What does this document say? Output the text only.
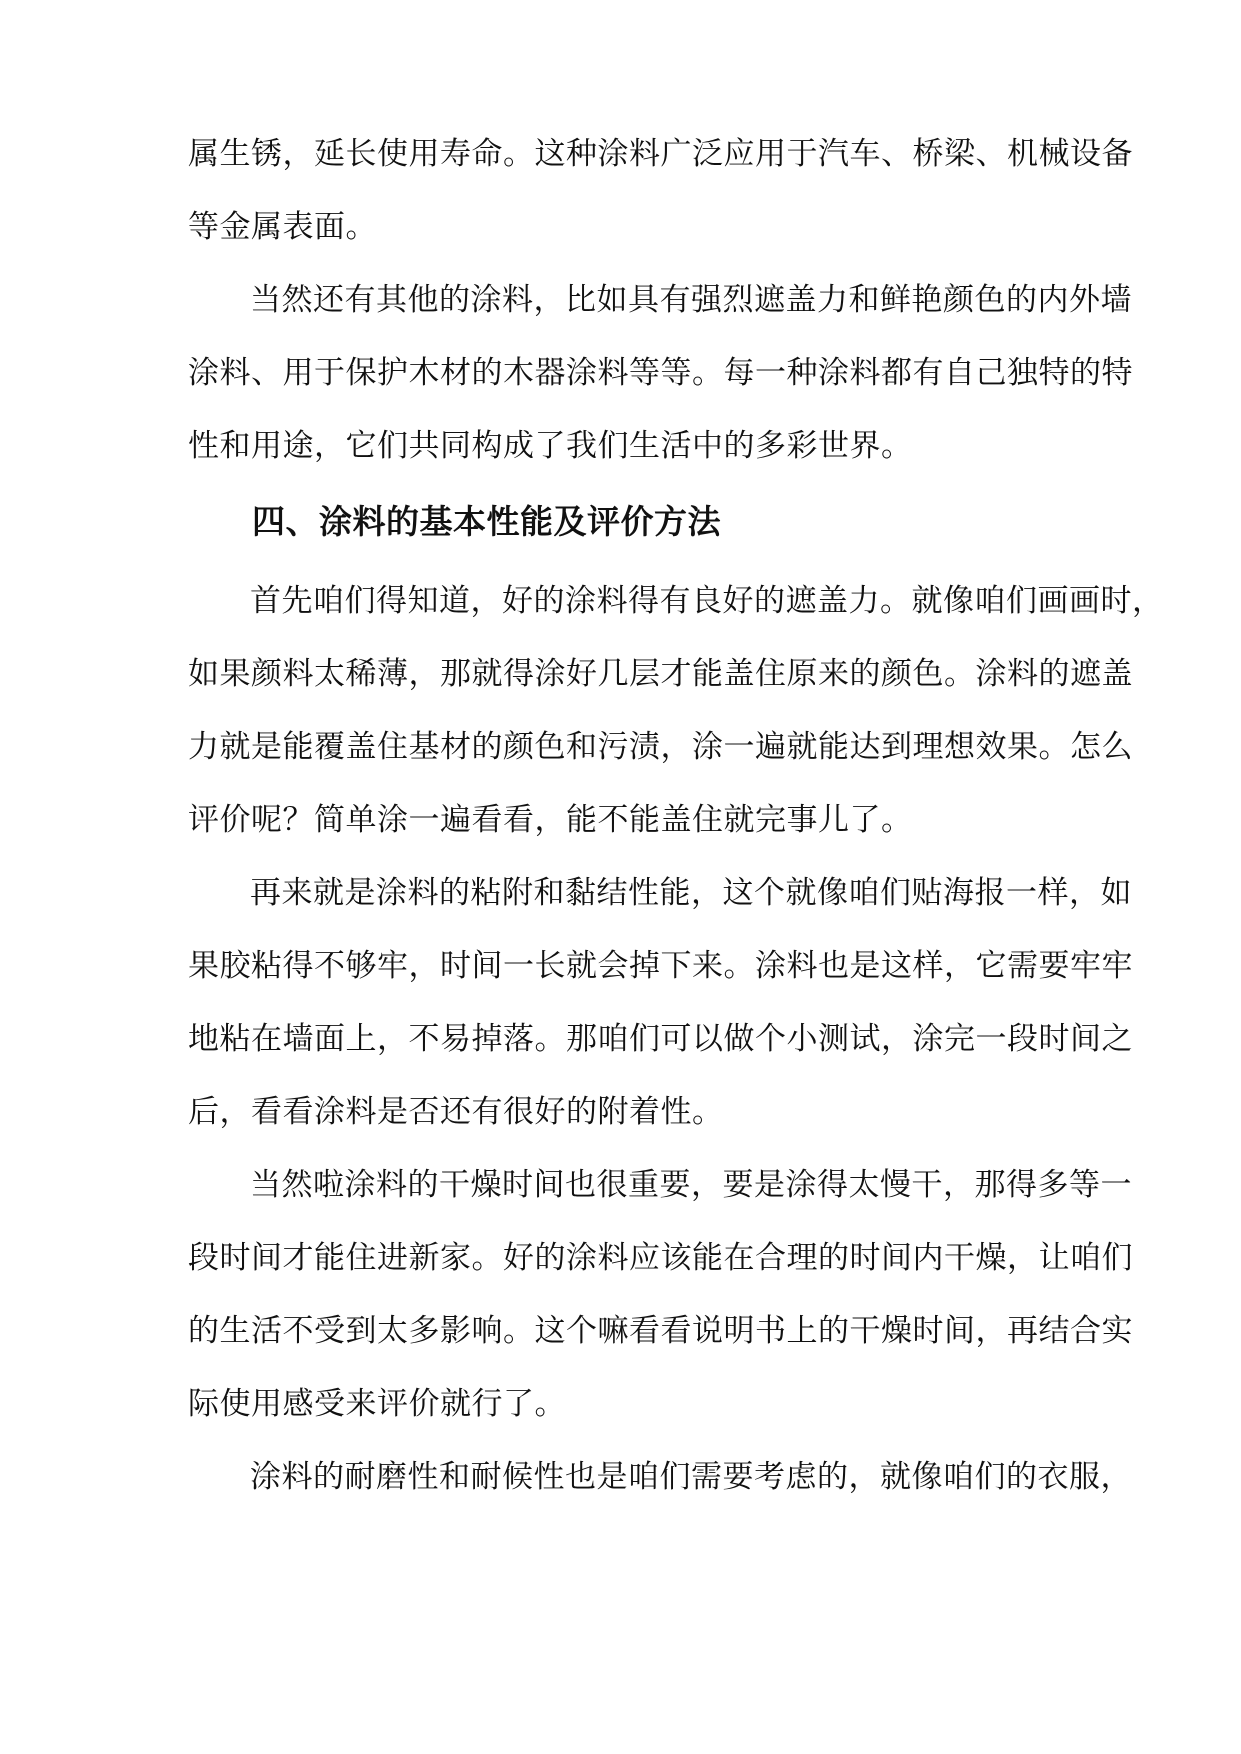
属生锈，延长使用寿命。这种涂料广泛应用于汽车、桥梁、机械设备
等金属表面。
当然还有其他的涂料，比如具有强烈遮盖力和鲜艳颜色的内外墙
涂料、用于保护木材的木器涂料等等。每一种涂料都有自己独特的特
性和用途，它们共同构成了我们生活中的多彩世界。
四、涂料的基本性能及评价方法
首先咱们得知道，好的涂料得有良好的遮盖力。就像咱们画画时，
如果颜料太稀薄，那就得涂好几层才能盖住原来的颜色。涂料的遮盖
力就是能覆盖住基材的颜色和污渍，涂一遍就能达到理想效果。怎么
评价呢？简单涂一遍看看，能不能盖住就完事儿了。
再来就是涂料的粘附和黏结性能，这个就像咱们贴海报一样，如
果胶粘得不够牢，时间一长就会掉下来。涂料也是这样，它需要牢牢
地粘在墙面上，不易掉落。那咱们可以做个小测试，涂完一段时间之
后，看看涂料是否还有很好的附着性。
当然啦涂料的干燥时间也很重要，要是涂得太慢干，那得多等一
段时间才能住进新家。好的涂料应该能在合理的时间内干燥，让咱们
的生活不受到太多影响。这个嘛看看说明书上的干燥时间，再结合实
际使用感受来评价就行了。
涂料的耐磨性和耐候性也是咱们需要考虑的，就像咱们的衣服，
